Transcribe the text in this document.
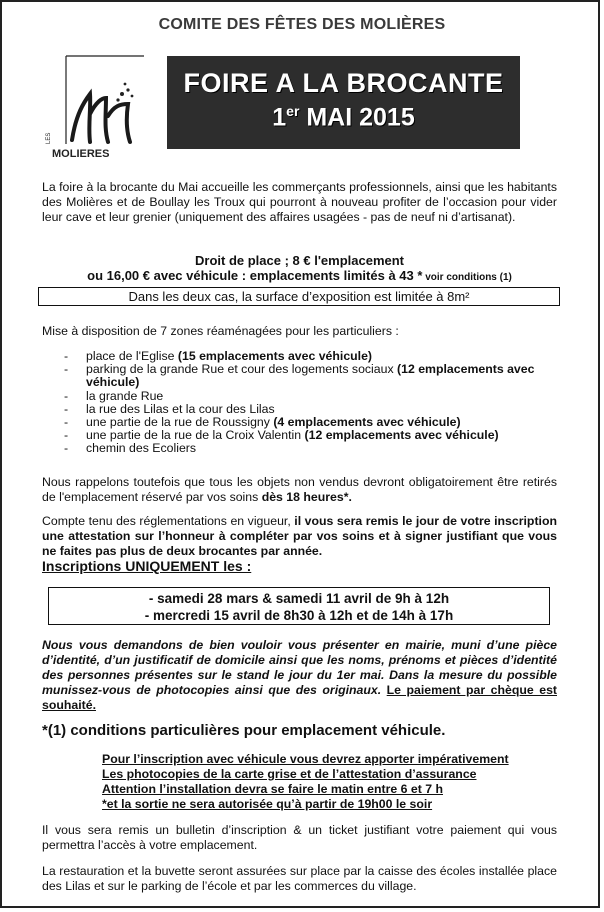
COMITE DES FÊTES DES MOLIÈRES
LES
MOLIERES
FOIRE A LA BROCANTE
1er MAI 2015
La foire à la brocante du Mai accueille les commerçants professionnels, ainsi que les habitants des Molières et de Boullay les Troux qui pourront à nouveau profiter de l’occasion pour vider leur cave et leur grenier (uniquement des affaires usagées - pas de neuf ni d’artisanat).
Droit de place ; 8 € l'emplacement
ou 16,00 € avec véhicule : emplacements limités à 43 * voir conditions (1)
Dans les deux cas, la surface d’exposition est limitée à 8m²
Mise à disposition de 7 zones réaménagées pour les particuliers :
- place de l'Eglise (15 emplacements avec véhicule)
- parking de la grande Rue et cour des logements sociaux (12 emplacements avec véhicule)
- la grande Rue
- la rue des Lilas et la cour des Lilas
- une partie de la rue de Roussigny (4 emplacements avec véhicule)
- une partie de la rue de la Croix Valentin (12 emplacements avec véhicule)
- chemin des Ecoliers
Nous rappelons toutefois que tous les objets non vendus devront obligatoirement être retirés de l'emplacement réservé par vos soins dès 18 heures*.
Compte tenu des réglementations en vigueur, il vous sera remis le jour de votre inscription une attestation sur l’honneur à compléter par vos soins et à signer justifiant que vous ne faites pas plus de deux brocantes par année.
Inscriptions UNIQUEMENT les :
- samedi 28 mars & samedi 11 avril de 9h à 12h
- mercredi 15 avril de 8h30 à 12h et de 14h à 17h
Nous vous demandons de bien vouloir vous présenter en mairie, muni d’une pièce d’identité, d’un justificatif de domicile ainsi que les noms, prénoms et pièces d’identité des personnes présentes sur le stand le jour du 1er mai. Dans la mesure du possible munissez-vous de photocopies ainsi que des originaux. Le paiement par chèque est souhaité.
*(1) conditions particulières pour emplacement véhicule.
Pour l’inscription avec véhicule vous devrez apporter impérativement
Les photocopies de la carte grise et de l’attestation d’assurance
Attention l’installation devra se faire le matin entre 6 et 7 h
*et la sortie ne sera autorisée qu’à partir de 19h00 le soir
Il vous sera remis un bulletin d’inscription & un ticket justifiant votre paiement qui vous permettra l’accès à votre emplacement.
La restauration et la buvette seront assurées sur place par la caisse des écoles installée place des Lilas et sur le parking de l’école et par les commerces du village.
